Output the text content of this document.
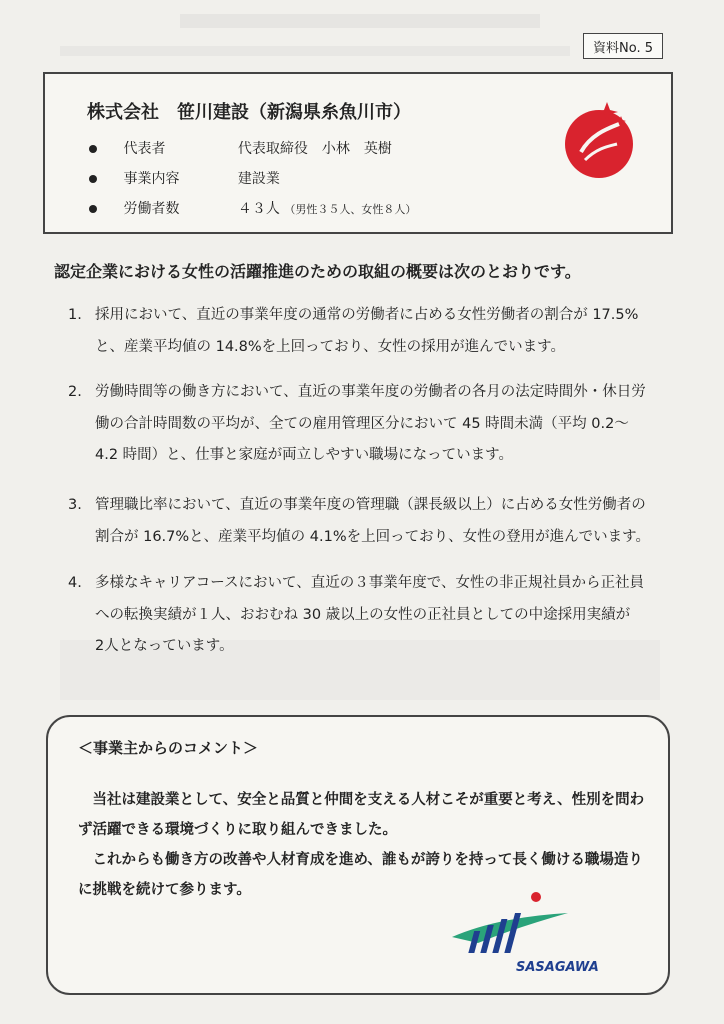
資料No. 5
株式会社　笹川建設（新潟県糸魚川市）
代表者	代表取締役　小林　英樹
事業内容	建設業
労働者数	４３人 （男性３５人、女性８人）
認定企業における女性の活躍推進のための取組の概要は次のとおりです。
1. 採用において、直近の事業年度の通常の労働者に占める女性労働者の割合が 17.5%
と、産業平均値の 14.8%を上回っており、女性の採用が進んでいます。
2. 労働時間等の働き方において、直近の事業年度の労働者の各月の法定時間外・休日労
働の合計時間数の平均が、全ての雇用管理区分において 45 時間未満（平均 0.2～
4.2 時間）と、仕事と家庭が両立しやすい職場になっています。
3. 管理職比率において、直近の事業年度の管理職（課長級以上）に占める女性労働者の
割合が 16.7%と、産業平均値の 4.1%を上回っており、女性の登用が進んでいます。
4. 多様なキャリアコースにおいて、直近の３事業年度で、女性の非正規社員から正社員
への転換実績が１人、おおむね 30 歳以上の女性の正社員としての中途採用実績が
2人となっています。
＜事業主からのコメント＞

当社は建設業として、安全と品質と仲間を支える人材こそが重要と考え、性別を問わず活躍できる環境づくりに取り組んできました。

これからも働き方の改善や人材育成を進め、誰もが誇りを持って長く働ける職場造りに挑戦を続けて参ります。

SASAGAWA
